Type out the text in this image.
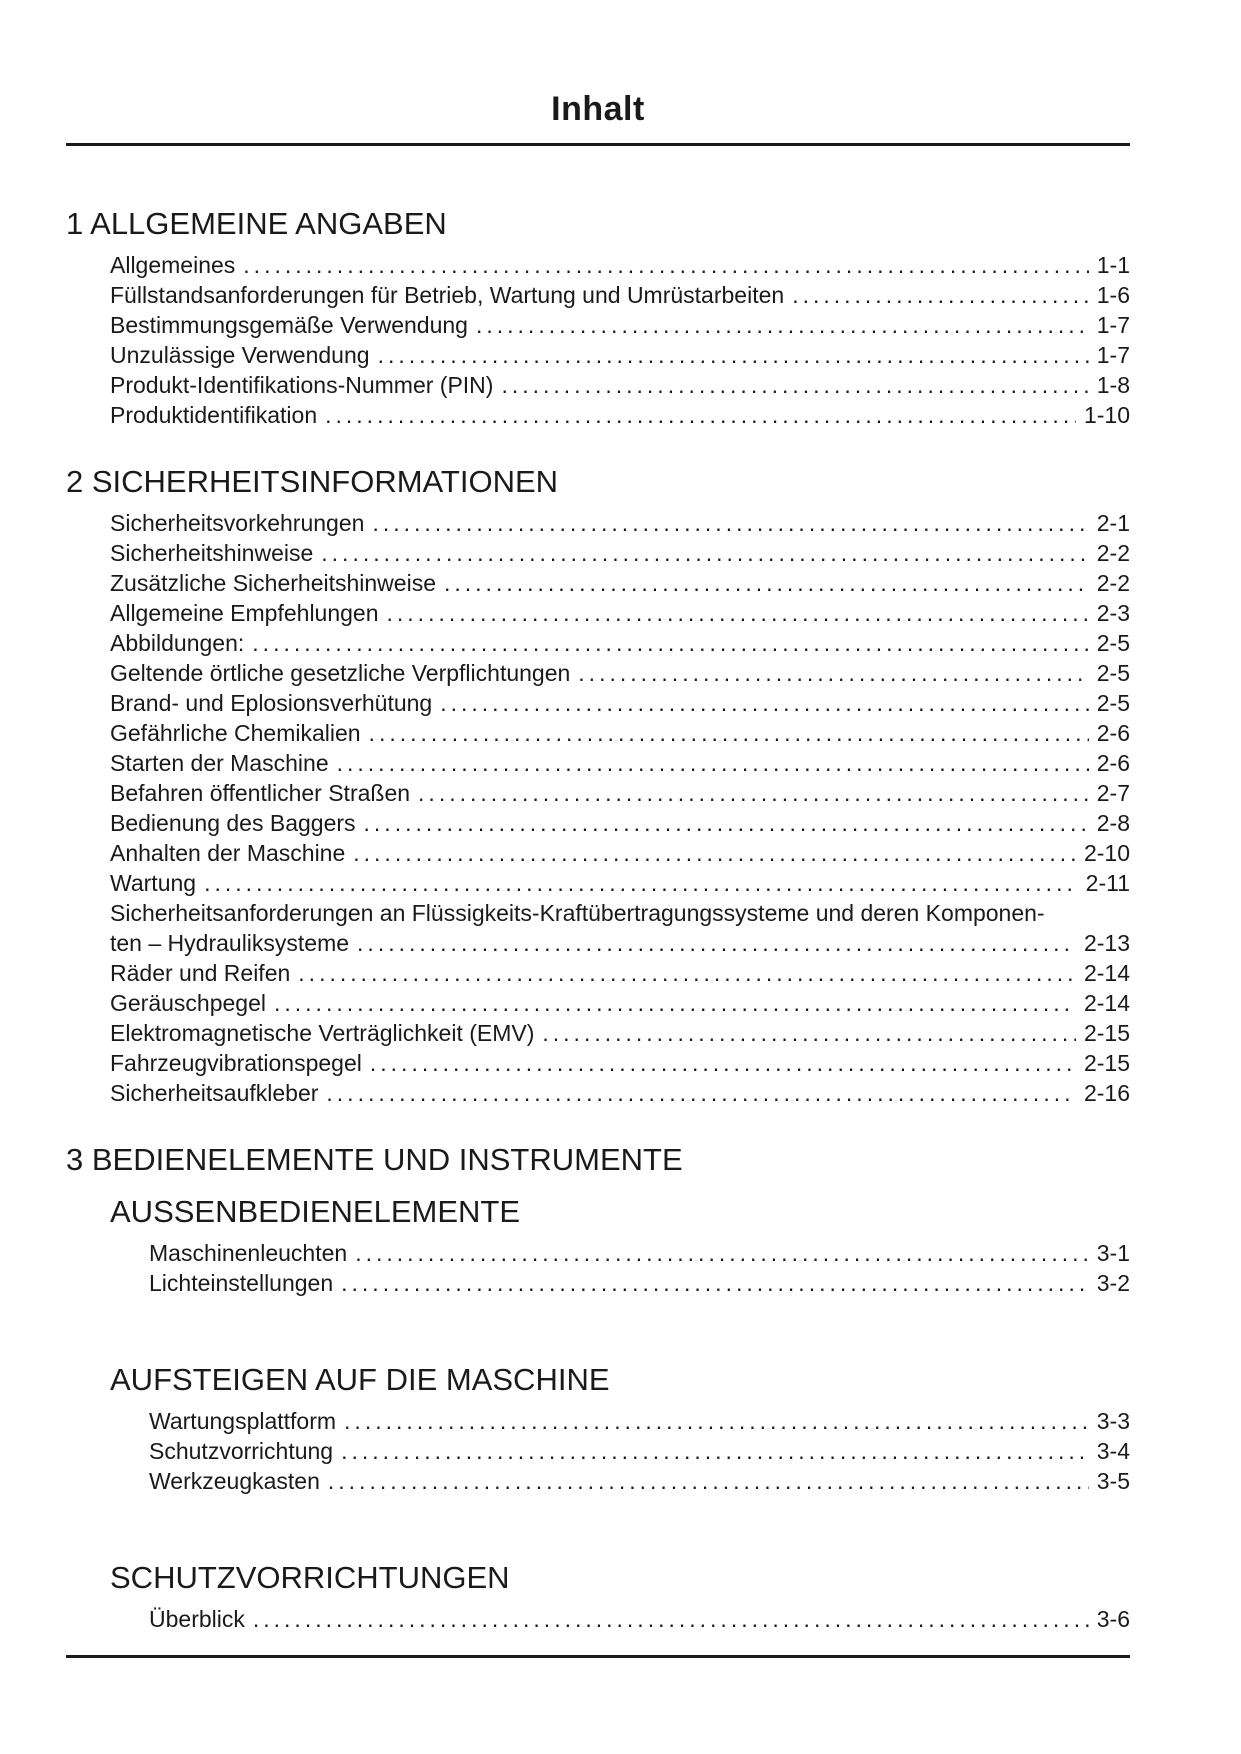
Inhalt
1 ALLGEMEINE ANGABEN
Allgemeines .....	1-1
Füllstandsanforderungen für Betrieb, Wartung und Umrüstarbeiten .....	1-6
Bestimmungsgemäße Verwendung .....	1-7
Unzulässige Verwendung .....	1-7
Produkt-Identifikations-Nummer (PIN) .....	1-8
Produktidentifikation .....	1-10
2 SICHERHEITSINFORMATIONEN
Sicherheitsvorkehrungen .....	2-1
Sicherheitshinweise .....	2-2
Zusätzliche Sicherheitshinweise .....	2-2
Allgemeine Empfehlungen .....	2-3
Abbildungen: .....	2-5
Geltende örtliche gesetzliche Verpflichtungen .....	2-5
Brand- und Eplosionsverhütung .....	2-5
Gefährliche Chemikalien .....	2-6
Starten der Maschine .....	2-6
Befahren öffentlicher Straßen .....	2-7
Bedienung des Baggers .....	2-8
Anhalten der Maschine .....	2-10
Wartung .....	2-11
Sicherheitsanforderungen an Flüssigkeits-Kraftübertragungssysteme und deren Komponen-
ten – Hydrauliksysteme .....	2-13
Räder und Reifen .....	2-14
Geräuschpegel .....	2-14
Elektromagnetische Verträglichkeit (EMV) .....	2-15
Fahrzeugvibrationspegel .....	2-15
Sicherheitsaufkleber .....	2-16
3 BEDIENELEMENTE UND INSTRUMENTE
AUSSENBEDIENELEMENTE
Maschinenleuchten .....	3-1
Lichteinstellungen .....	3-2
AUFSTEIGEN AUF DIE MASCHINE
Wartungsplattform .....	3-3
Schutzvorrichtung .....	3-4
Werkzeugkasten .....	3-5
SCHUTZVORRICHTUNGEN
Überblick .....	3-6
